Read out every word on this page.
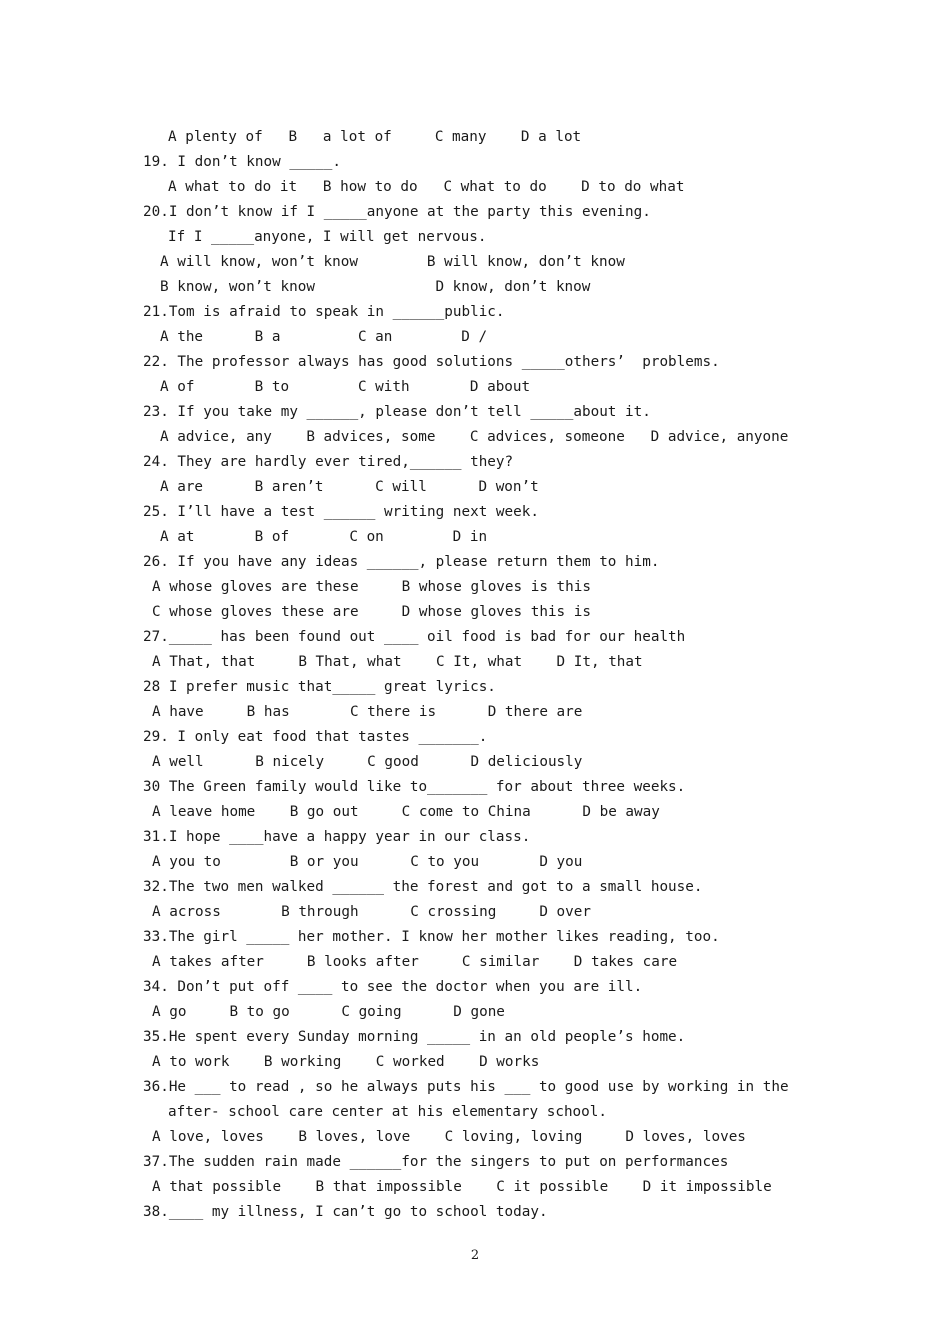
A plenty of   B   a lot of     C many    D a lot
19. I don’t know _____.
A what to do it   B how to do   C what to do    D to do what
20.I don’t know if I _____anyone at the party this evening.
If I _____anyone, I will get nervous.
A will know, won’t know        B will know, don’t know
B know, won’t know              D know, don’t know
21.Tom is afraid to speak in ______public.
A the      B a         C an        D /
22. The professor always has good solutions _____others’  problems.
A of       B to        C with       D about
23. If you take my ______, please don’t tell _____about it.
A advice, any    B advices, some    C advices, someone   D advice, anyone
24. They are hardly ever tired,______ they?
A are      B aren’t      C will      D won’t
25. I’ll have a test ______ writing next week.
A at       B of       C on        D in
26. If you have any ideas ______, please return them to him.
A whose gloves are these     B whose gloves is this
C whose gloves these are     D whose gloves this is
27._____ has been found out ____ oil food is bad for our health
A That, that     B That, what    C It, what    D It, that
28 I prefer music that_____ great lyrics.
A have     B has       C there is      D there are
29. I only eat food that tastes _______.
A well      B nicely     C good      D deliciously
30 The Green family would like to_______ for about three weeks.
A leave home    B go out     C come to China      D be away
31.I hope ____have a happy year in our class.
A you to        B or you      C to you       D you
32.The two men walked ______ the forest and got to a small house.
A across       B through      C crossing     D over
33.The girl _____ her mother. I know her mother likes reading, too.
A takes after     B looks after     C similar    D takes care
34. Don’t put off ____ to see the doctor when you are ill.
A go     B to go      C going      D gone
35.He spent every Sunday morning _____ in an old people’s home.
A to work    B working    C worked    D works
36.He ___ to read , so he always puts his ___ to good use by working in the
after- school care center at his elementary school.
A love, loves    B loves, love    C loving, loving     D loves, loves
37.The sudden rain made ______for the singers to put on performances
A that possible    B that impossible    C it possible    D it impossible
38.____ my illness, I can’t go to school today.
2
